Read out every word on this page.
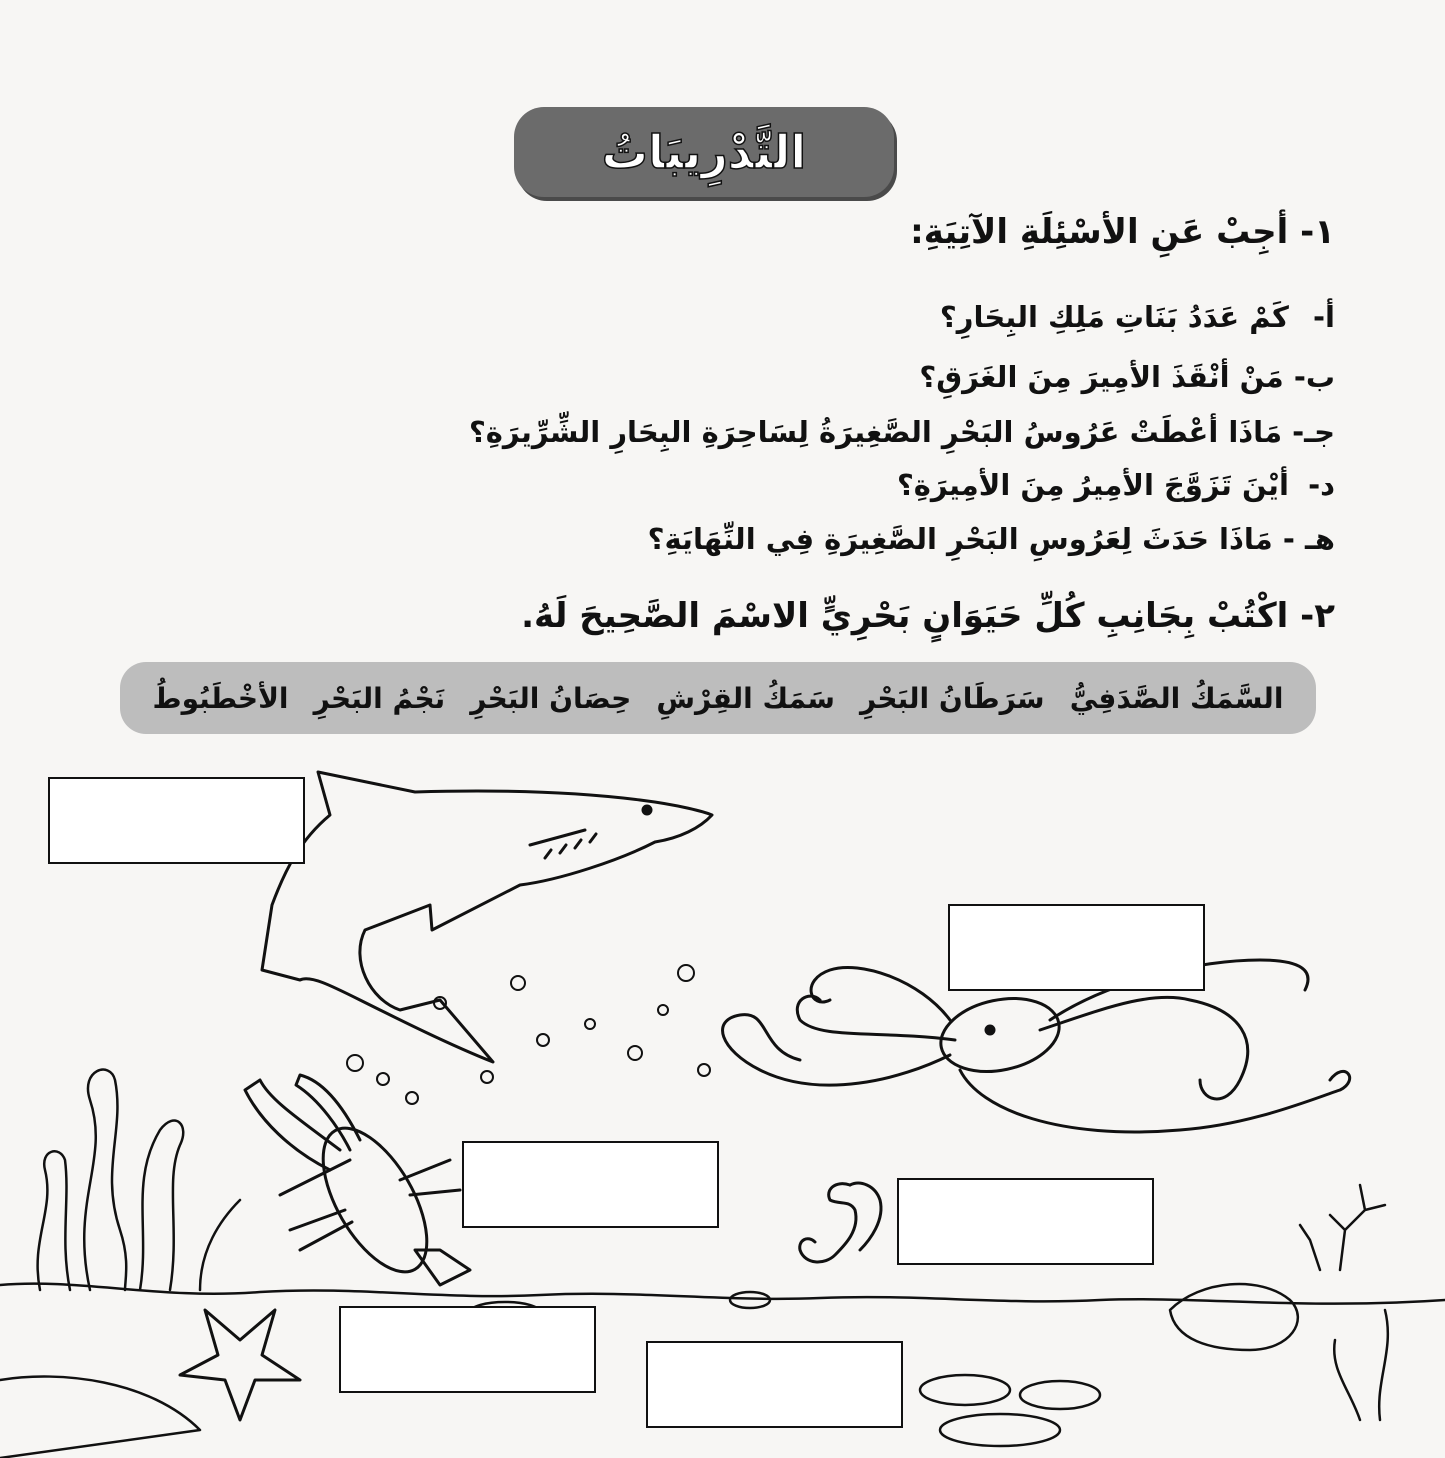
التَّدْرِيبَاتُ
١- أجِبْ عَنِ الأسْئِلَةِ الآتِيَةِ:
أ- كَمْ عَدَدُ بَنَاتِ مَلِكِ البِحَارِ؟
ب- مَنْ أنْقَذَ الأمِيرَ مِنَ الغَرَقِ؟
جـ- مَاذَا أعْطَتْ عَرُوسُ البَحْرِ الصَّغِيرَةُ لِسَاحِرَةِ البِحَارِ الشِّرِّيرَةِ؟
د- أيْنَ تَزَوَّجَ الأمِيرُ مِنَ الأمِيرَةِ؟
هـ - مَاذَا حَدَثَ لِعَرُوسِ البَحْرِ الصَّغِيرَةِ فِي النِّهَايَةِ؟
٢- اكْتُبْ بِجَانِبِ كُلِّ حَيَوَانٍ بَحْرِيٍّ الاسْمَ الصَّحِيحَ لَهُ.
السَّمَكُ الصَّدَفِيُّ
سَرَطَانُ البَحْرِ
سَمَكُ القِرْشِ
حِصَانُ البَحْرِ
نَجْمُ البَحْرِ
الأخْطَبُوطُ
